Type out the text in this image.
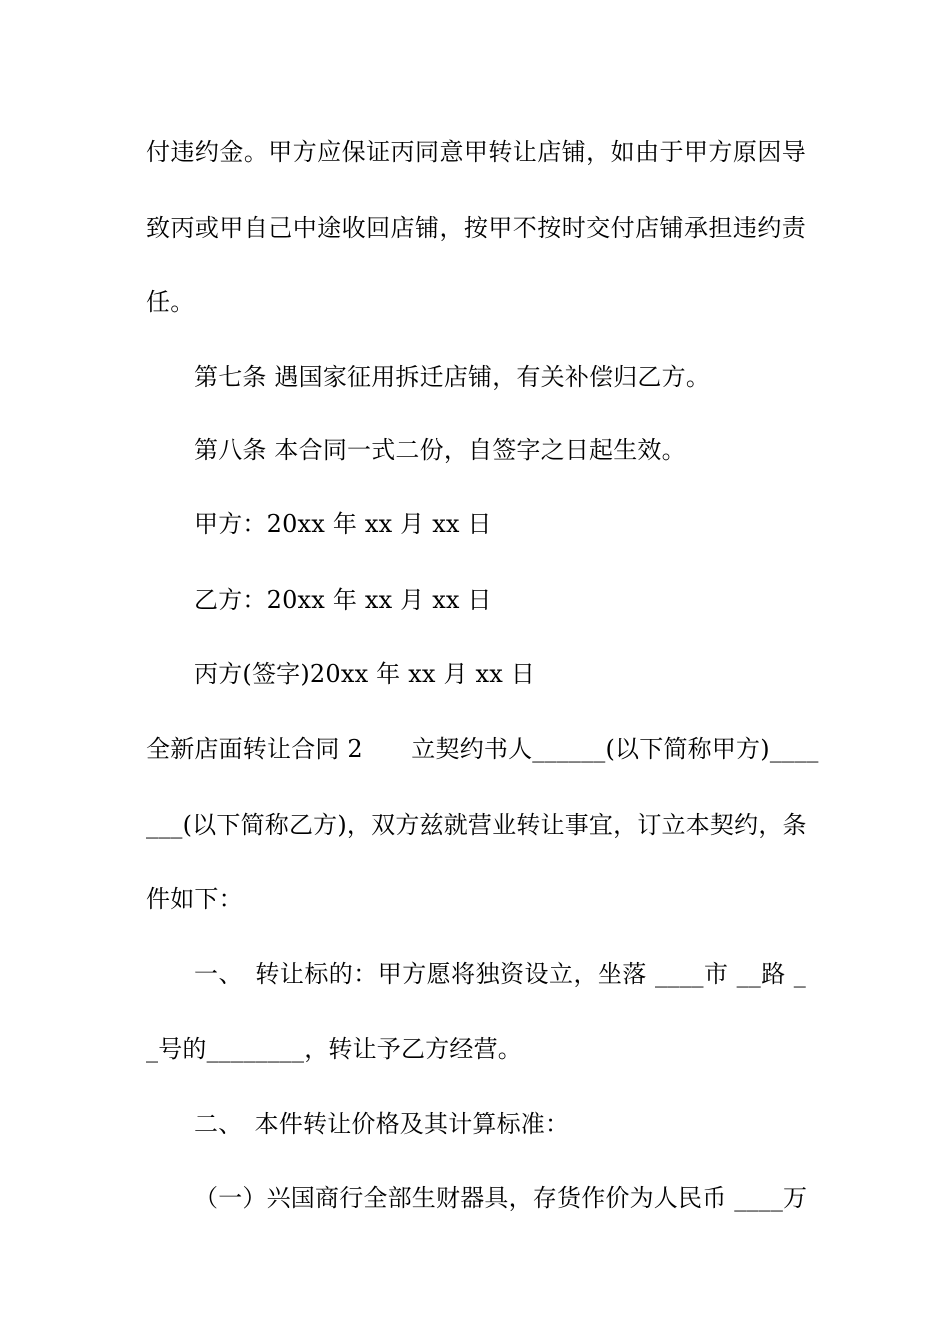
付违约金。甲方应保证丙同意甲转让店铺，如由于甲方原因导
致丙或甲自己中途收回店铺，按甲不按时交付店铺承担违约责
任。
第七条 遇国家征用拆迁店铺，有关补偿归乙方。
第八条 本合同一式二份，自签字之日起生效。
甲方：20xx 年 xx 月 xx 日
乙方：20xx 年 xx 月 xx 日
丙方(签字)20xx 年 xx 月 xx 日
全新店面转让合同 2　　立契约书人______(以下简称甲方)____
___(以下简称乙方)，双方兹就营业转让事宜，订立本契约，条
件如下：
一、　转让标的：甲方愿将独资设立，坐落 ____市 __路 _
_号的________，转让予乙方经营。
二、　本件转让价格及其计算标准：
（一）兴国商行全部生财器具，存货作价为人民币 ____万
